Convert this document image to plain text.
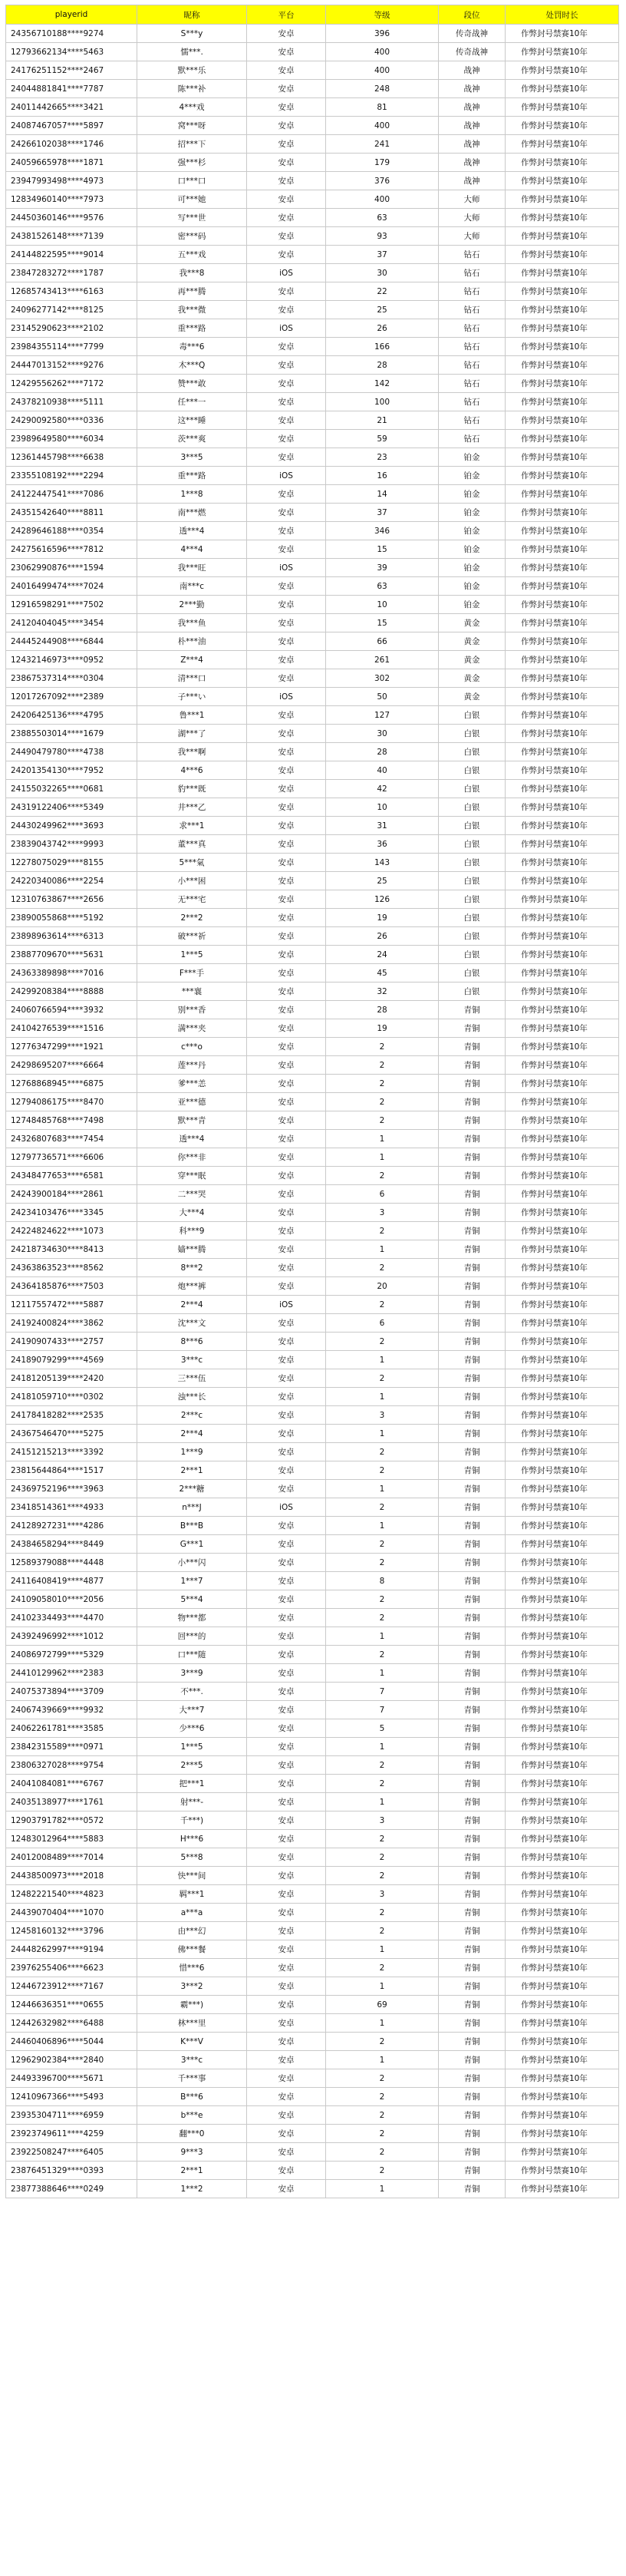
playerid	昵称	平台	等级	段位	处罚时长
24356710188****9274	S***y	安卓	396	传奇战神	作弊封号禁赛10年
12793662134****5463	懦***.	安卓	400	传奇战神	作弊封号禁赛10年
24176251152****2467	默***乐	安卓	400	战神	作弊封号禁赛10年
24044881841****7787	陈***补	安卓	248	战神	作弊封号禁赛10年
24011442665****3421	4***戏	安卓	81	战神	作弊封号禁赛10年
24087467057****5897	窝***呀	安卓	400	战神	作弊封号禁赛10年
24266102038****1746	招***下	安卓	241	战神	作弊封号禁赛10年
24059665978****1871	强***杉	安卓	179	战神	作弊封号禁赛10年
23947993498****4973	口***口	安卓	376	战神	作弊封号禁赛10年
12834960140****7973	可***她	安卓	400	大师	作弊封号禁赛10年
24450360146****9576	写***世	安卓	63	大师	作弊封号禁赛10年
24381526148****7139	密***码	安卓	93	大师	作弊封号禁赛10年
24144822595****9014	五***戏	安卓	37	钻石	作弊封号禁赛10年
23847283272****1787	我***8	iOS	30	钻石	作弊封号禁赛10年
12685743413****6163	再***腾	安卓	22	钻石	作弊封号禁赛10年
24096277142****8125	我***微	安卓	25	钻石	作弊封号禁赛10年
23145290623****2102	重***路	iOS	26	钻石	作弊封号禁赛10年
23984355114****7799	毒***6	安卓	166	钻石	作弊封号禁赛10年
24447013152****9276	木***Q	安卓	28	钻石	作弊封号禁赛10年
12429556262****7172	赞***敢	安卓	142	钻石	作弊封号禁赛10年
24378210938****5111	任***一	安卓	100	钻石	作弊封号禁赛10年
24290092580****0336	这***睡	安卓	21	钻石	作弊封号禁赛10年
23989649580****6034	茨***爽	安卓	59	钻石	作弊封号禁赛10年
12361445798****6638	3***5	安卓	23	铂金	作弊封号禁赛10年
23355108192****2294	重***路	iOS	16	铂金	作弊封号禁赛10年
24122447541****7086	1***8	安卓	14	铂金	作弊封号禁赛10年
24351542640****8811	南***燃	安卓	37	铂金	作弊封号禁赛10年
24289646188****0354	透***4	安卓	346	铂金	作弊封号禁赛10年
24275616596****7812	4***4	安卓	15	铂金	作弊封号禁赛10年
23062990876****1594	我***旺	iOS	39	铂金	作弊封号禁赛10年
24016499474****7024	南***c	安卓	63	铂金	作弊封号禁赛10年
12916598291****7502	2***勤	安卓	10	铂金	作弊封号禁赛10年
24120404045****3454	我***鱼	安卓	15	黄金	作弊封号禁赛10年
24445244908****6844	朴***油	安卓	66	黄金	作弊封号禁赛10年
12432146973****0952	Z***4	安卓	261	黄金	作弊封号禁赛10年
23867537314****0304	清***口	安卓	302	黄金	作弊封号禁赛10年
12017267092****2389	子***い	iOS	50	黄金	作弊封号禁赛10年
24206425136****4795	鲁***1	安卓	127	白银	作弊封号禁赛10年
23885503014****1679	湖***了	安卓	30	白银	作弊封号禁赛10年
24490479780****4738	我***啊	安卓	28	白银	作弊封号禁赛10年
24201354130****7952	4***6	安卓	40	白银	作弊封号禁赛10年
24155032265****0681	豹***既	安卓	42	白银	作弊封号禁赛10年
24319122406****5349	井***乙	安卓	10	白银	作弊封号禁赛10年
24430249962****3693	求***1	安卓	31	白银	作弊封号禁赛10年
23839043742****9993	董***真	安卓	36	白银	作弊封号禁赛10年
12278075029****8155	5***氣	安卓	143	白银	作弊封号禁赛10年
24220340086****2254	小***困	安卓	25	白银	作弊封号禁赛10年
12310763867****2656	无***宅	安卓	126	白银	作弊封号禁赛10年
23890055868****5192	2***2	安卓	19	白银	作弊封号禁赛10年
23898963614****6313	破***祈	安卓	26	白银	作弊封号禁赛10年
23887709670****5631	1***5	安卓	24	白银	作弊封号禁赛10年
24363389898****7016	F***手	安卓	45	白银	作弊封号禁赛10年
24299208384****8888	***襄	安卓	32	白银	作弊封号禁赛10年
24060766594****3932	别***香	安卓	28	青铜	作弊封号禁赛10年
24104276539****1516	满***夹	安卓	19	青铜	作弊封号禁赛10年
12776347299****1921	c***o	安卓	2	青铜	作弊封号禁赛10年
24298695207****6664	莲***丹	安卓	2	青铜	作弊封号禁赛10年
12768868945****6875	爹***恙	安卓	2	青铜	作弊封号禁赛10年
12794086175****8470	亚***德	安卓	2	青铜	作弊封号禁赛10年
12748485768****7498	默***青	安卓	2	青铜	作弊封号禁赛10年
24326807683****7454	透***4	安卓	1	青铜	作弊封号禁赛10年
12797736571****6606	你***非	安卓	1	青铜	作弊封号禁赛10年
24348477653****6581	穿***眠	安卓	2	青铜	作弊封号禁赛10年
24243900184****2861	二***哭	安卓	6	青铜	作弊封号禁赛10年
24234103476****3345	大***4	安卓	3	青铜	作弊封号禁赛10年
24224824622****1073	科***9	安卓	2	青铜	作弊封号禁赛10年
24218734630****8413	嫱***腾	安卓	1	青铜	作弊封号禁赛10年
24363863523****8562	8***2	安卓	2	青铜	作弊封号禁赛10年
24364185876****7503	炮***裤	安卓	20	青铜	作弊封号禁赛10年
12117557472****5887	2***4	iOS	2	青铜	作弊封号禁赛10年
24192400824****3862	沈***文	安卓	6	青铜	作弊封号禁赛10年
24190907433****2757	8***6	安卓	2	青铜	作弊封号禁赛10年
24189079299****4569	3***c	安卓	1	青铜	作弊封号禁赛10年
24181205139****2420	三***伍	安卓	2	青铜	作弊封号禁赛10年
24181059710****0302	浊***长	安卓	1	青铜	作弊封号禁赛10年
24178418282****2535	2***c	安卓	3	青铜	作弊封号禁赛10年
24367546470****5275	2***4	安卓	1	青铜	作弊封号禁赛10年
24151215213****3392	1***9	安卓	2	青铜	作弊封号禁赛10年
23815644864****1517	2***1	安卓	2	青铜	作弊封号禁赛10年
24369752196****3963	2***糖	安卓	1	青铜	作弊封号禁赛10年
23418514361****4933	n***J	iOS	2	青铜	作弊封号禁赛10年
24128927231****4286	B***B	安卓	1	青铜	作弊封号禁赛10年
24384658294****8449	G***1	安卓	2	青铜	作弊封号禁赛10年
12589379088****4448	小***闪	安卓	2	青铜	作弊封号禁赛10年
24116408419****4877	1***7	安卓	8	青铜	作弊封号禁赛10年
24109058010****2056	5***4	安卓	2	青铜	作弊封号禁赛10年
24102334493****4470	物***都	安卓	2	青铜	作弊封号禁赛10年
24392496992****1012	回***的	安卓	1	青铜	作弊封号禁赛10年
24086972799****5329	口***随	安卓	2	青铜	作弊封号禁赛10年
24410129962****2383	3***9	安卓	1	青铜	作弊封号禁赛10年
24075373894****3709	不***.	安卓	7	青铜	作弊封号禁赛10年
24067439669****9932	大***7	安卓	7	青铜	作弊封号禁赛10年
24062261781****3585	少***6	安卓	5	青铜	作弊封号禁赛10年
23842315589****0971	1***5	安卓	1	青铜	作弊封号禁赛10年
23806327028****9754	2***5	安卓	2	青铜	作弊封号禁赛10年
24041084081****6767	把***1	安卓	2	青铜	作弊封号禁赛10年
24035138977****1761	射***-	安卓	1	青铜	作弊封号禁赛10年
12903791782****0572	千***)	安卓	3	青铜	作弊封号禁赛10年
12483012964****5883	H***6	安卓	2	青铜	作弊封号禁赛10年
24012008489****7014	5***8	安卓	2	青铜	作弊封号禁赛10年
24438500973****2018	快***间	安卓	2	青铜	作弊封号禁赛10年
12482221540****4823	羁***1	安卓	3	青铜	作弊封号禁赛10年
24439070404****1070	a***a	安卓	2	青铜	作弊封号禁赛10年
12458160132****3796	由***幻	安卓	2	青铜	作弊封号禁赛10年
24448262997****9194	佛***餐	安卓	1	青铜	作弊封号禁赛10年
23976255406****6623	惜***6	安卓	2	青铜	作弊封号禁赛10年
12446723912****7167	3***2	安卓	1	青铜	作弊封号禁赛10年
12446636351****0655	霸***)	安卓	69	青铜	作弊封号禁赛10年
12442632982****6488	林***里	安卓	1	青铜	作弊封号禁赛10年
24460406896****5044	K***V	安卓	2	青铜	作弊封号禁赛10年
12962902384****2840	3***c	安卓	1	青铜	作弊封号禁赛10年
24493396700****5671	千***事	安卓	2	青铜	作弊封号禁赛10年
12410967366****5493	B***6	安卓	2	青铜	作弊封号禁赛10年
23935304711****6959	b***e	安卓	2	青铜	作弊封号禁赛10年
23923749611****4259	翻***0	安卓	2	青铜	作弊封号禁赛10年
23922508247****6405	9***3	安卓	2	青铜	作弊封号禁赛10年
23876451329****0393	2***1	安卓	2	青铜	作弊封号禁赛10年
23877388646****0249	1***2	安卓	1	青铜	作弊封号禁赛10年
